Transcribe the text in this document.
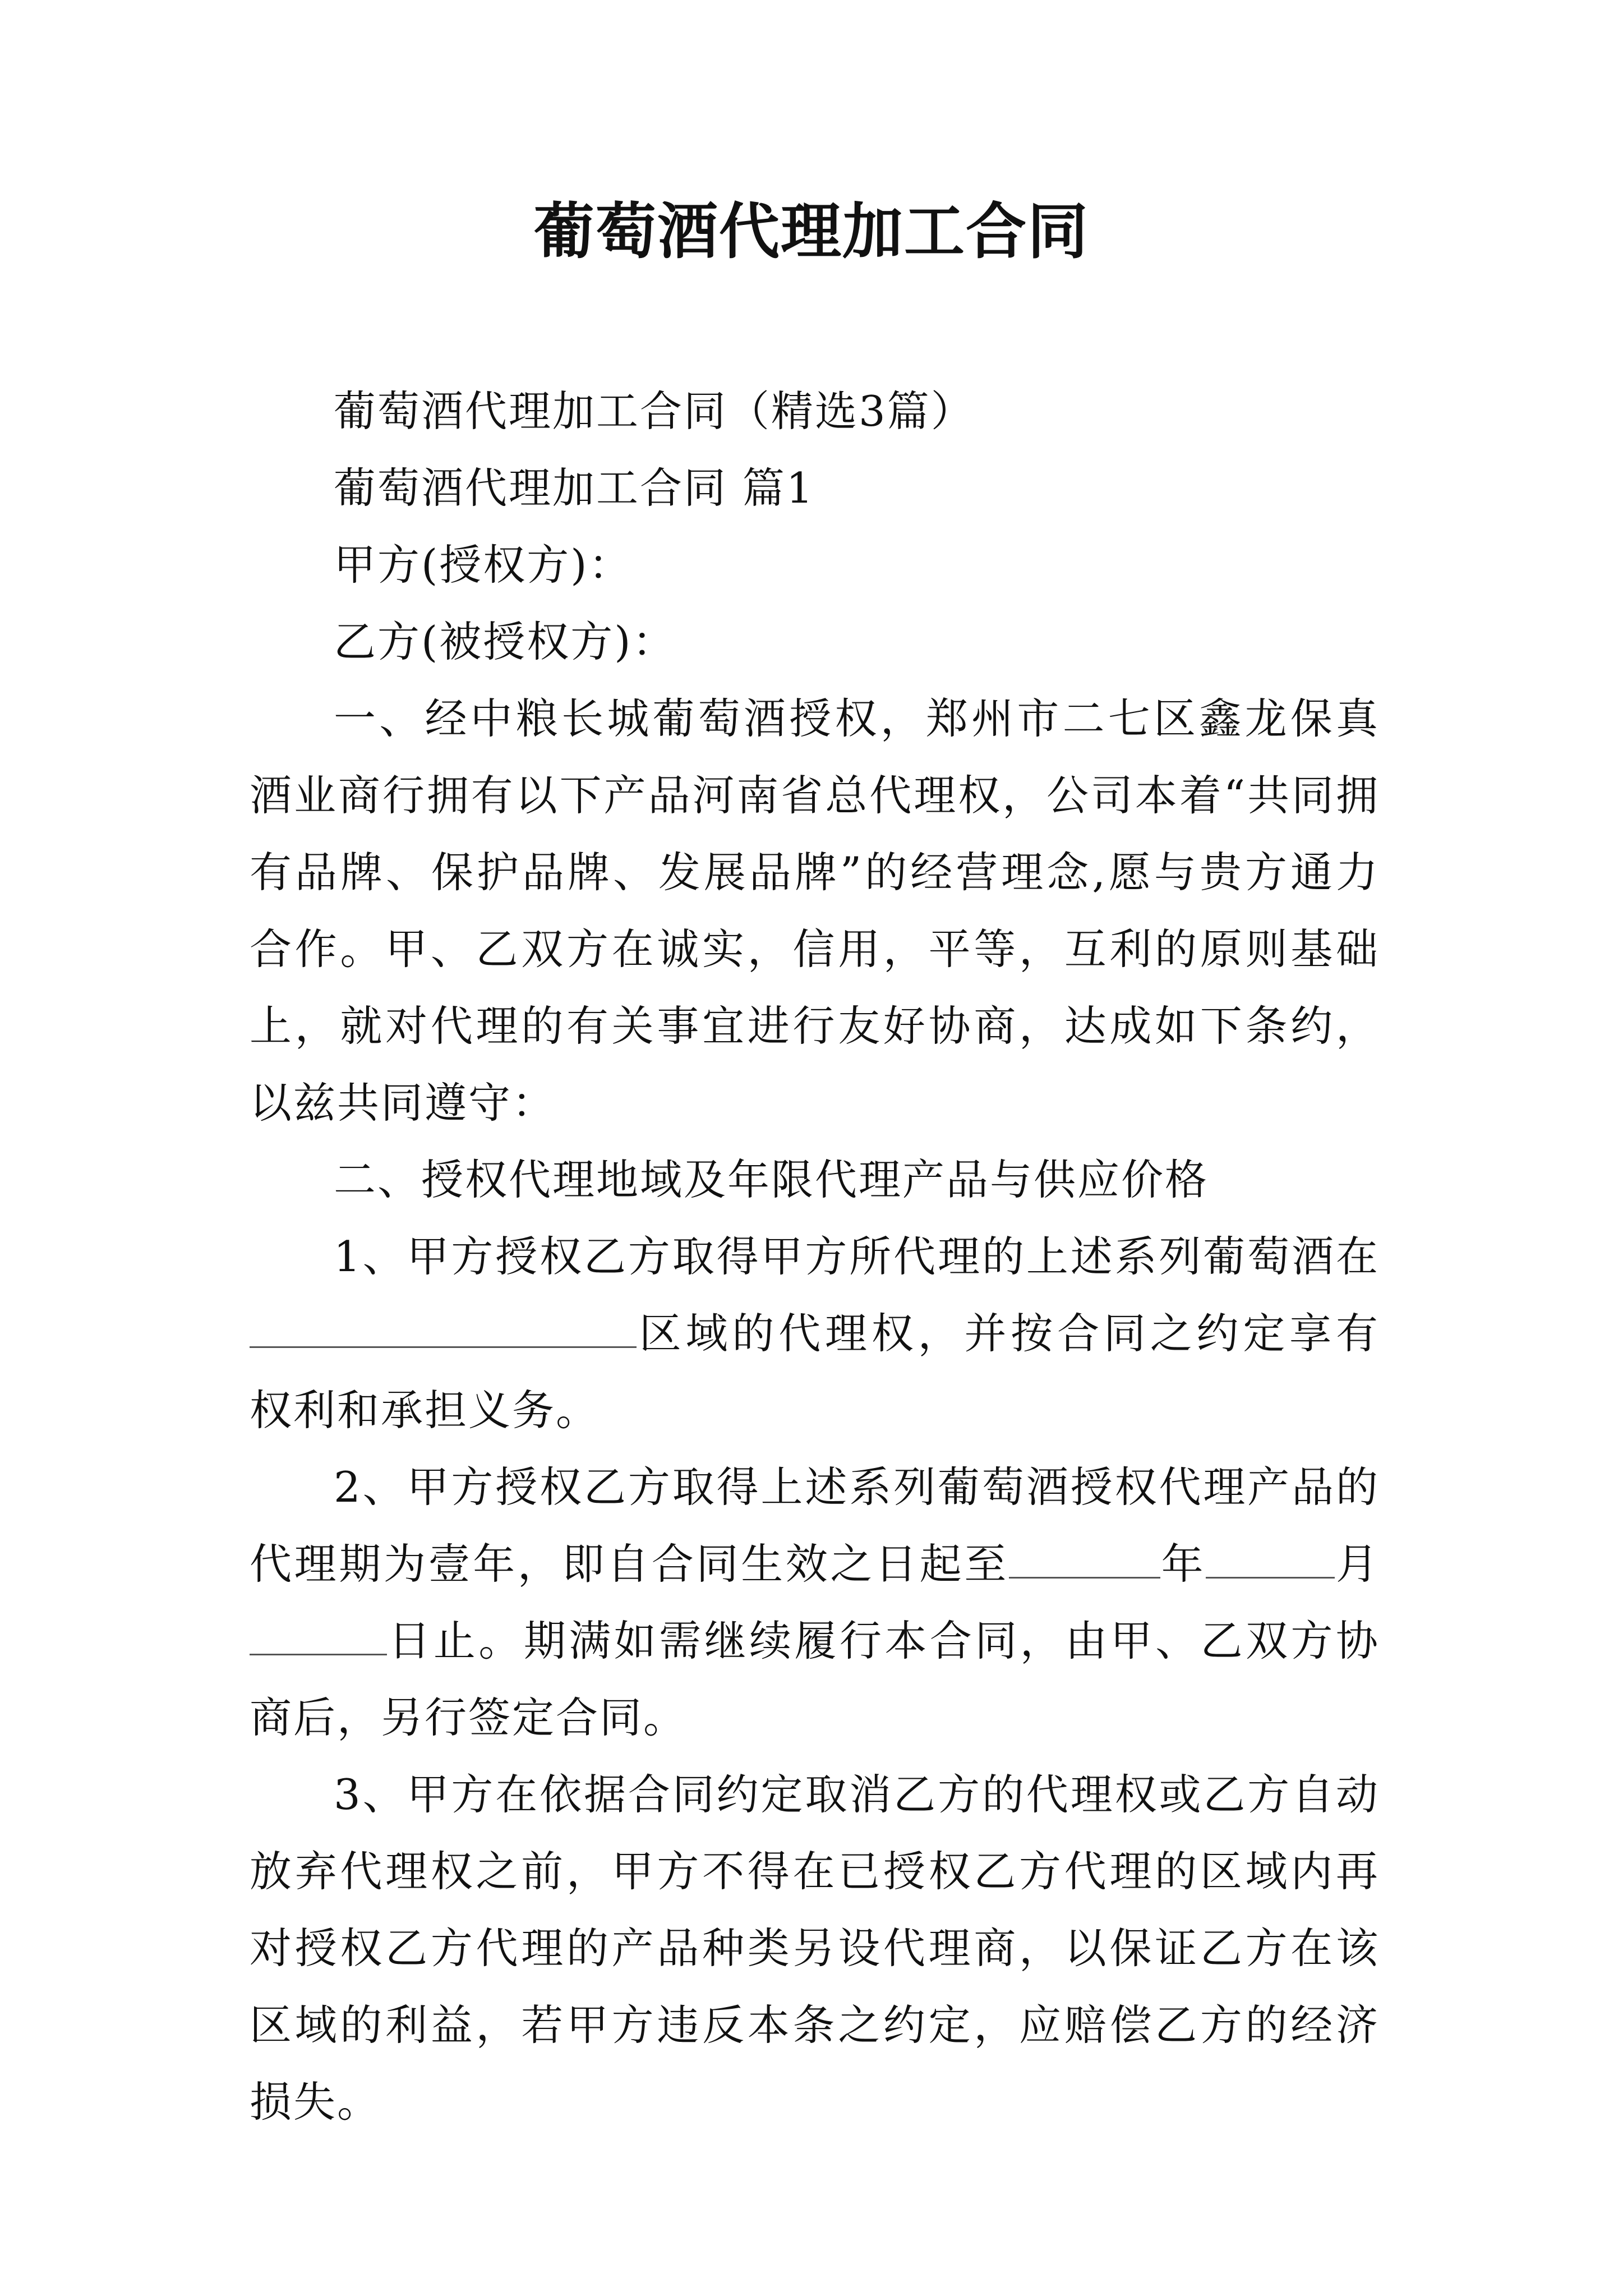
葡萄酒代理加工合同

葡萄酒代理加工合同（精选3篇）

葡萄酒代理加工合同 篇1

甲方(授权方)：

乙方(被授权方)：

一、经中粮长城葡萄酒授权，郑州市二七区鑫龙保真酒业商行拥有以下产品河南省总代理权，公司本着“共同拥有品牌、保护品牌、发展品牌”的经营理念,愿与贵方通力合作。甲、乙双方在诚实，信用，平等，互利的原则基础上，就对代理的有关事宜进行友好协商，达成如下条约，以兹共同遵守：

二、授权代理地域及年限代理产品与供应价格

1、甲方授权乙方取得甲方所代理的上述系列葡萄酒在区域的代理权，并按合同之约定享有权利和承担义务。

2、甲方授权乙方取得上述系列葡萄酒授权代理产品的代理期为壹年，即自合同生效之日起至	年	月日止。期满如需继续履行本合同，由甲、乙双方协商后，另行签定合同。

3、甲方在依据合同约定取消乙方的代理权或乙方自动放弃代理权之前，甲方不得在已授权乙方代理的区域内再对授权乙方代理的产品种类另设代理商，以保证乙方在该区域的利益，若甲方违反本条之约定，应赔偿乙方的经济损失。
